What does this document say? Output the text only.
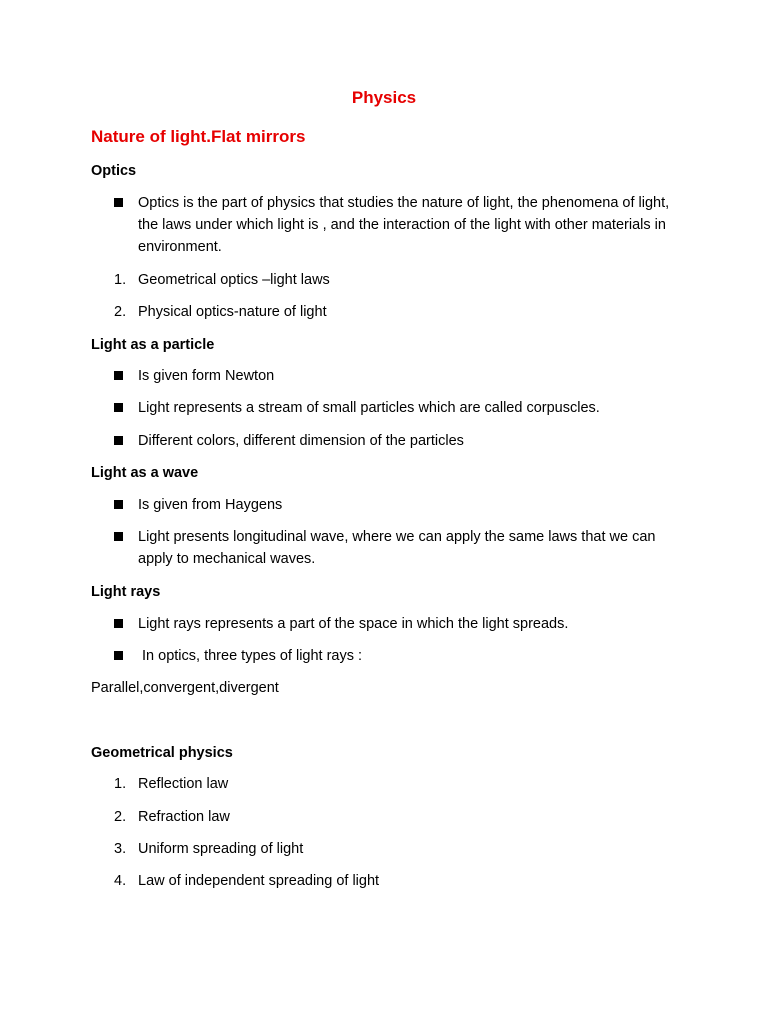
Physics
Nature of light.Flat mirrors
Optics
Optics is the part of physics that studies the nature of light, the phenomena of light, the laws under which light is , and the interaction of the light with other materials in environment.
1. Geometrical optics –light laws
2. Physical optics-nature of light
Light as a particle
Is given form Newton
Light represents a stream of small particles which are called corpuscles.
Different colors, different dimension of the particles
Light as a wave
Is given from Haygens
Light presents longitudinal wave, where we can apply the same laws that we can apply to mechanical waves.
Light rays
Light rays represents a part of the space in which the light spreads.
In optics, three types of light rays :
Parallel,convergent,divergent
Geometrical physics
1. Reflection law
2. Refraction law
3. Uniform spreading of light
4. Law of independent spreading of light
